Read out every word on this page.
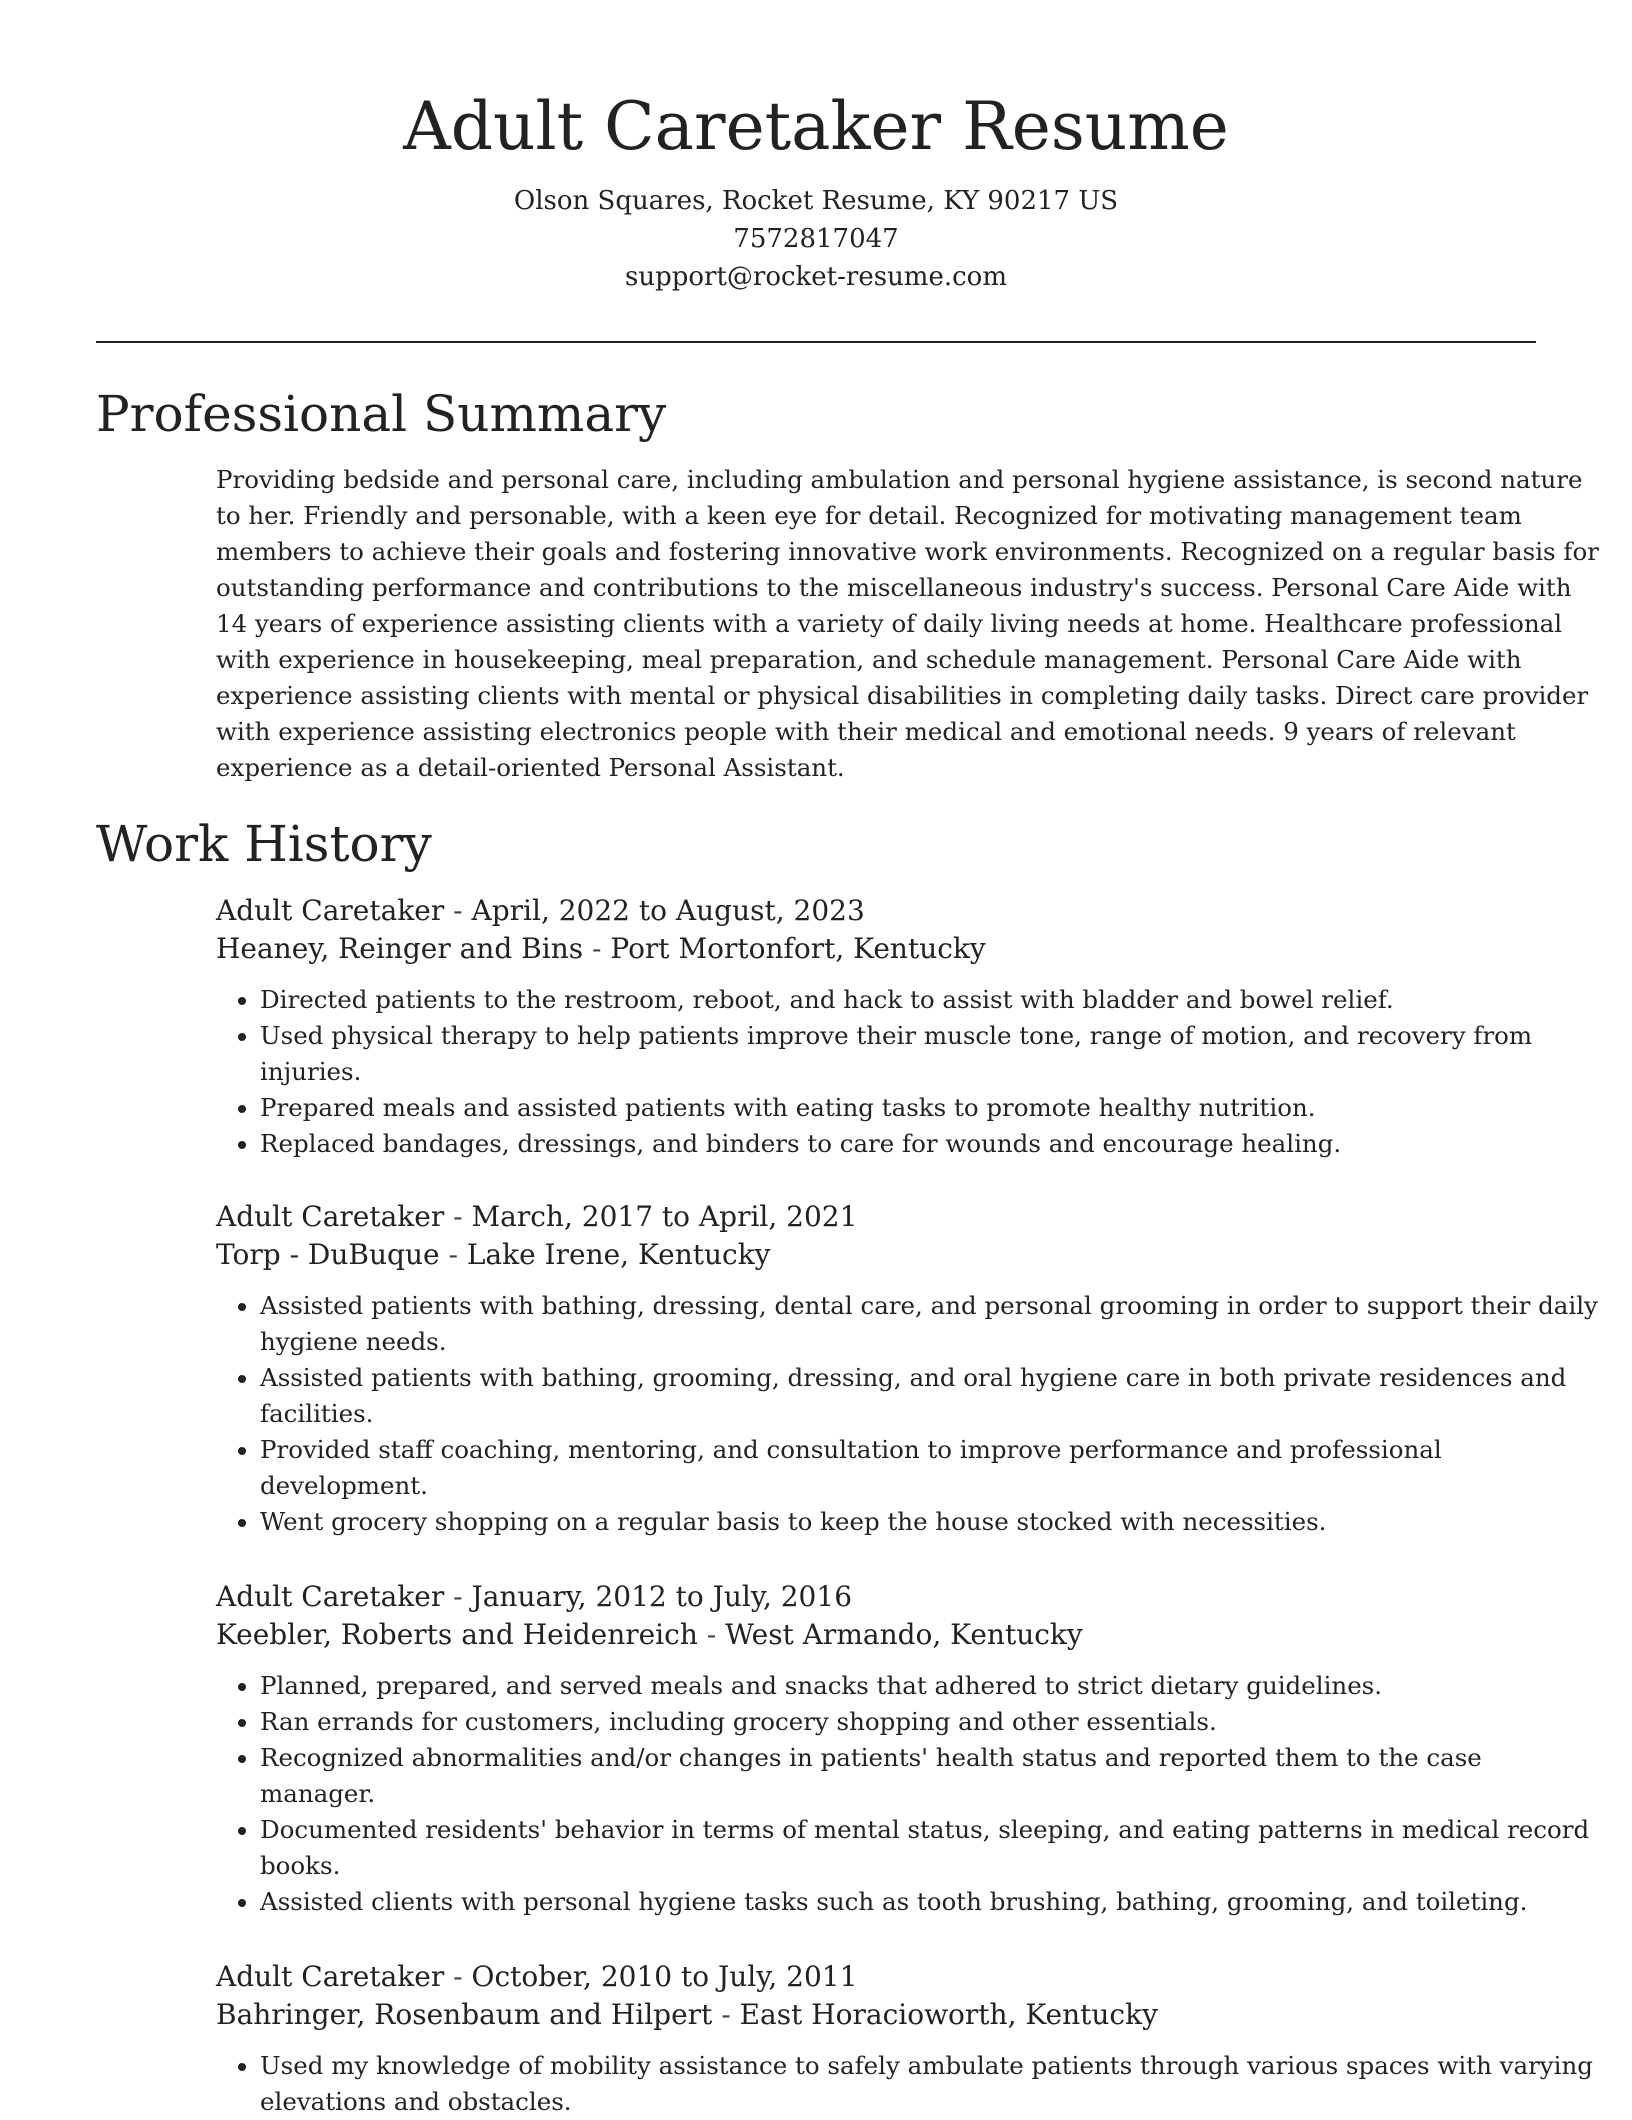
Adult Caretaker Resume
Olson Squares, Rocket Resume, KY 90217 US
7572817047
support@rocket-resume.com
Professional Summary
Providing bedside and personal care, including ambulation and personal hygiene assistance, is second nature
to her. Friendly and personable, with a keen eye for detail. Recognized for motivating management team
members to achieve their goals and fostering innovative work environments. Recognized on a regular basis for
outstanding performance and contributions to the miscellaneous industry's success. Personal Care Aide with
14 years of experience assisting clients with a variety of daily living needs at home. Healthcare professional
with experience in housekeeping, meal preparation, and schedule management. Personal Care Aide with
experience assisting clients with mental or physical disabilities in completing daily tasks. Direct care provider
with experience assisting electronics people with their medical and emotional needs. 9 years of relevant
experience as a detail-oriented Personal Assistant.
Work History
Adult Caretaker - April, 2022 to August, 2023
Heaney, Reinger and Bins - Port Mortonfort, Kentucky
• Directed patients to the restroom, reboot, and hack to assist with bladder and bowel relief.
• Used physical therapy to help patients improve their muscle tone, range of motion, and recovery from
injuries.
• Prepared meals and assisted patients with eating tasks to promote healthy nutrition.
• Replaced bandages, dressings, and binders to care for wounds and encourage healing.
Adult Caretaker - March, 2017 to April, 2021
Torp - DuBuque - Lake Irene, Kentucky
• Assisted patients with bathing, dressing, dental care, and personal grooming in order to support their daily
hygiene needs.
• Assisted patients with bathing, grooming, dressing, and oral hygiene care in both private residences and
facilities.
• Provided staff coaching, mentoring, and consultation to improve performance and professional
development.
• Went grocery shopping on a regular basis to keep the house stocked with necessities.
Adult Caretaker - January, 2012 to July, 2016
Keebler, Roberts and Heidenreich - West Armando, Kentucky
• Planned, prepared, and served meals and snacks that adhered to strict dietary guidelines.
• Ran errands for customers, including grocery shopping and other essentials.
• Recognized abnormalities and/or changes in patients' health status and reported them to the case
manager.
• Documented residents' behavior in terms of mental status, sleeping, and eating patterns in medical record
books.
• Assisted clients with personal hygiene tasks such as tooth brushing, bathing, grooming, and toileting.
Adult Caretaker - October, 2010 to July, 2011
Bahringer, Rosenbaum and Hilpert - East Horacioworth, Kentucky
• Used my knowledge of mobility assistance to safely ambulate patients through various spaces with varying
elevations and obstacles.
